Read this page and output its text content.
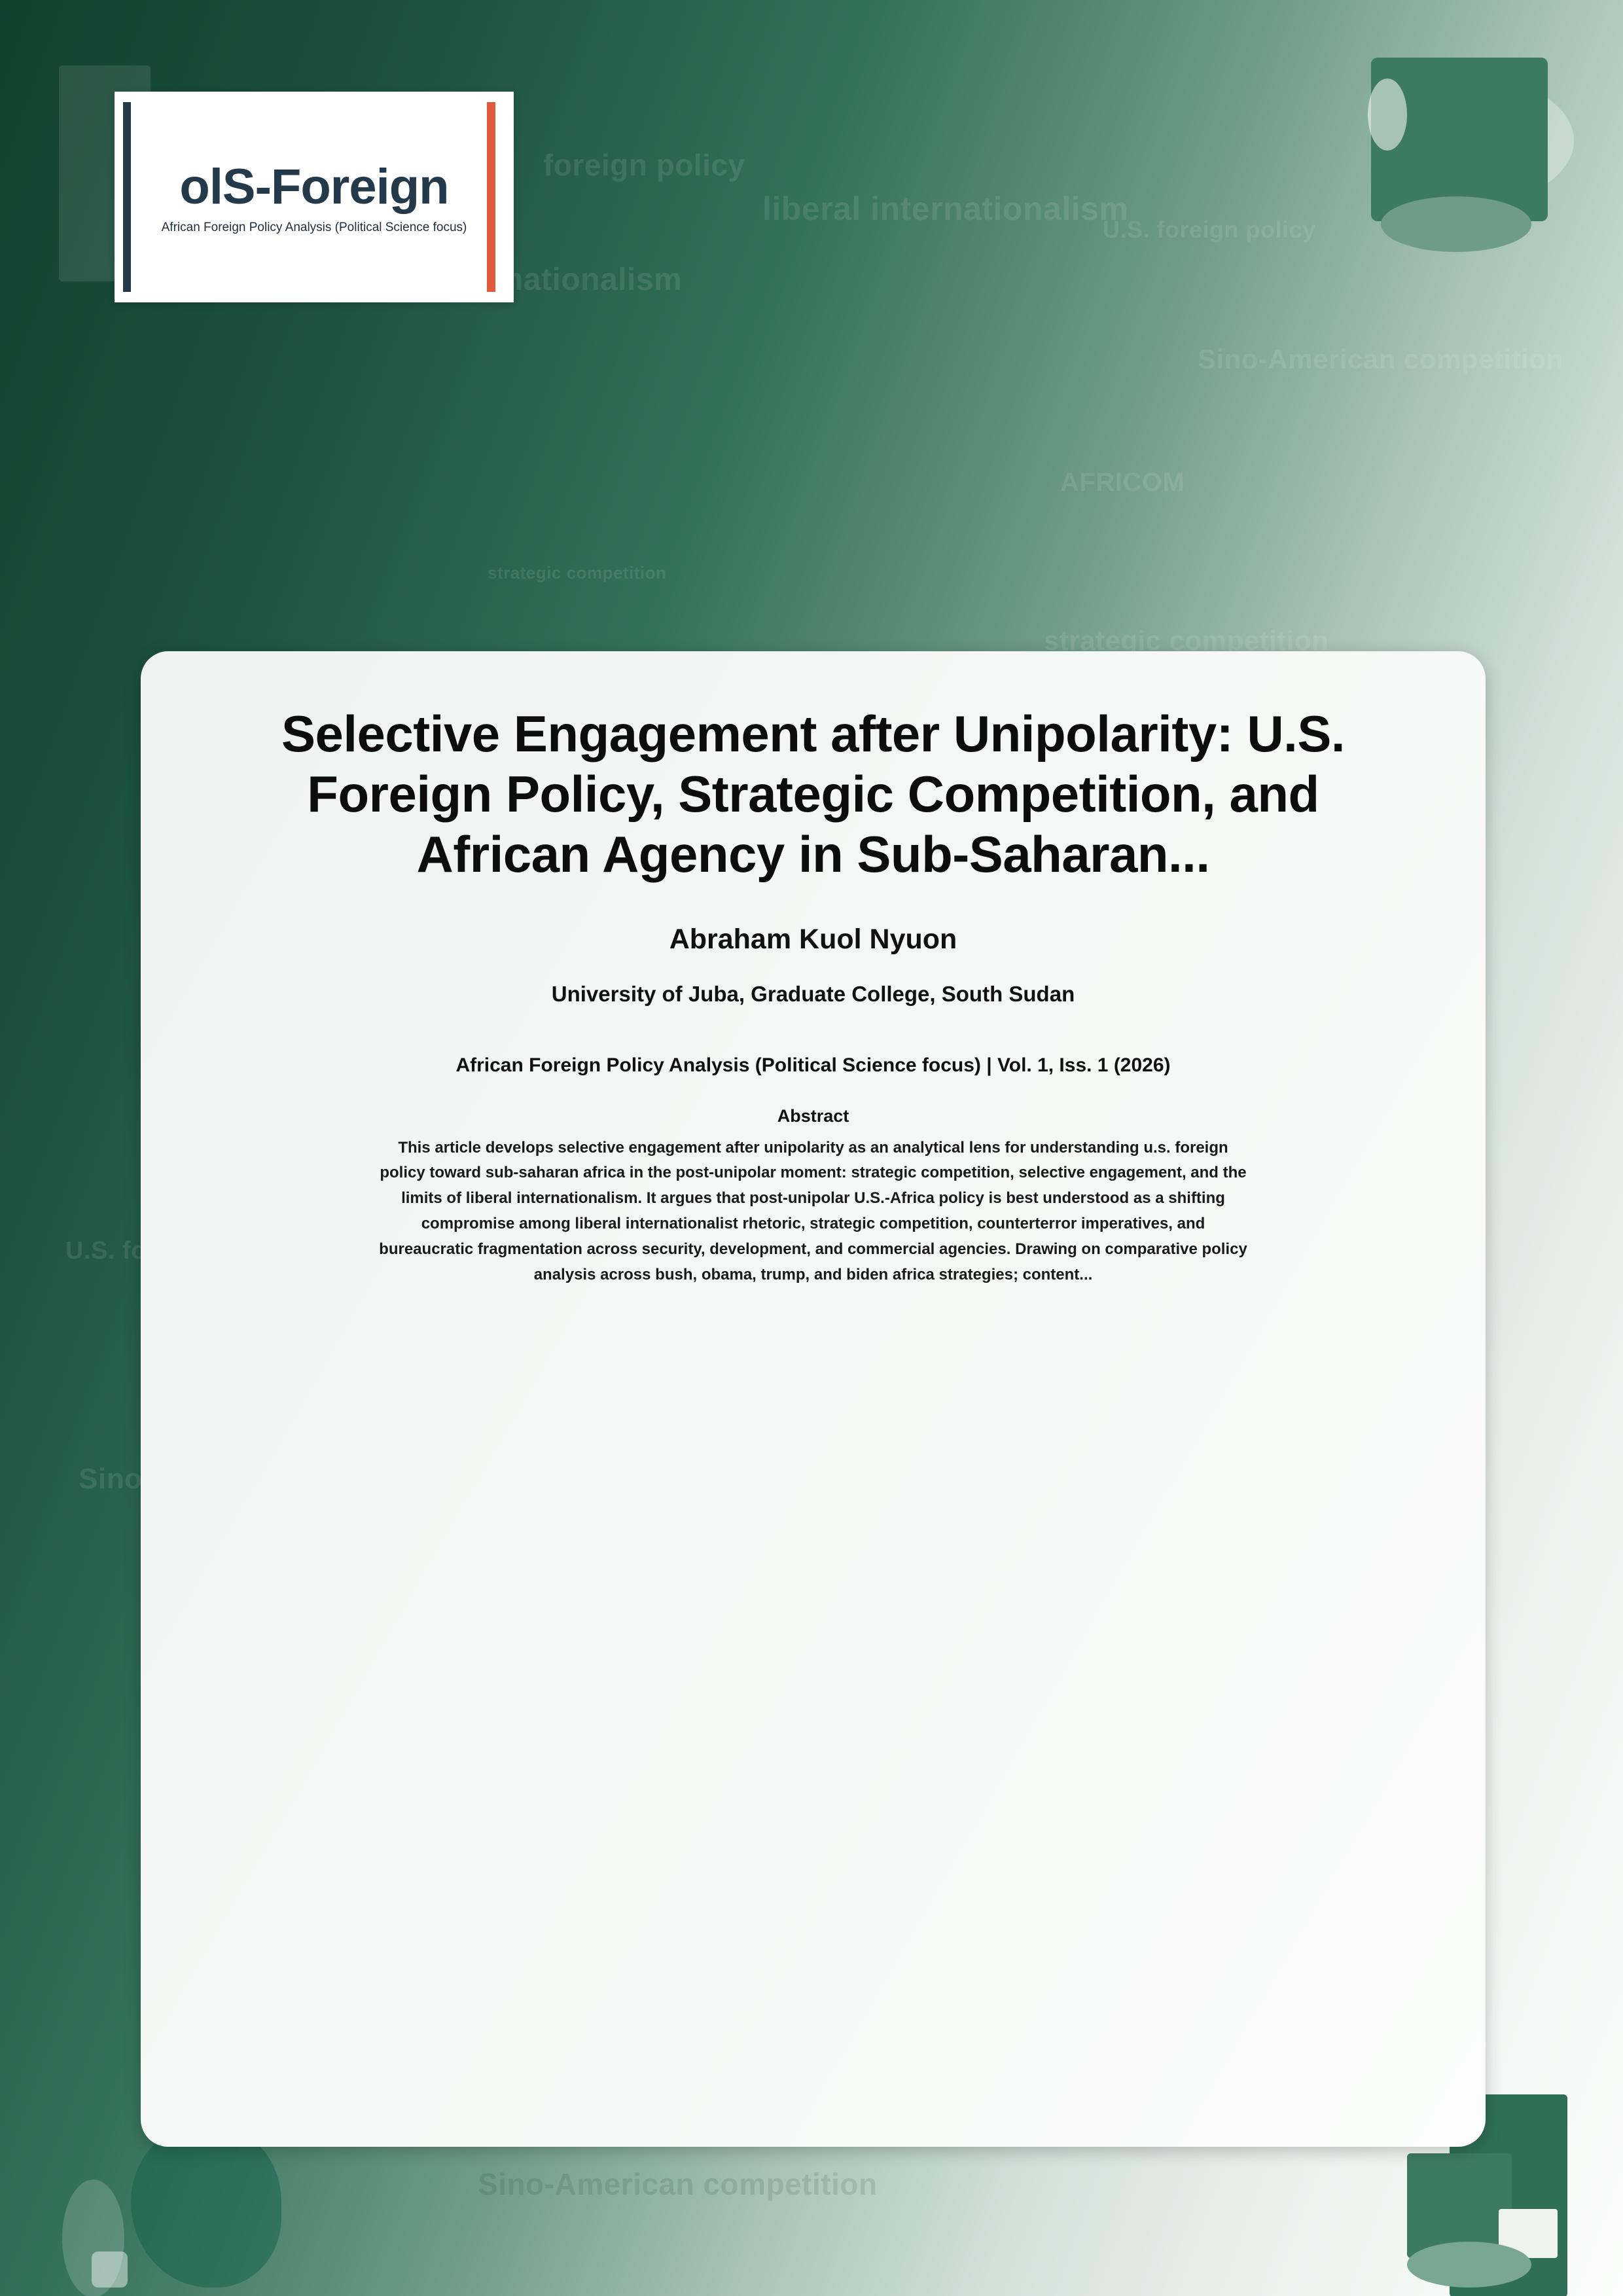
foreign policy
liberal internationalism
U.S. foreign policy
nationalism
Sino-American competition
AFRICOM
strategic competition
strategic competition
U.S.
Sino-American competition
olS-Foreign
African Foreign Policy Analysis (Political Science focus)
Selective Engagement after Unipolarity: U.S. Foreign Policy, Strategic Competition, and African Agency in Sub-Saharan...
Abraham Kuol Nyuon
University of Juba, Graduate College, South Sudan
African Foreign Policy Analysis (Political Science focus) | Vol. 1, Iss. 1 (2026)
Abstract
This article develops selective engagement after unipolarity as an analytical lens for understanding u.s. foreign policy toward sub-saharan africa in the post-unipolar moment: strategic competition, selective engagement, and the limits of liberal internationalism. It argues that post-unipolar U.S.-Africa policy is best understood as a shifting compromise among liberal internationalist rhetoric, strategic competition, counterterror imperatives, and bureaucratic fragmentation across security, development, and commercial agencies. Drawing on comparative policy analysis across bush, obama, trump, and biden africa strategies; content...
